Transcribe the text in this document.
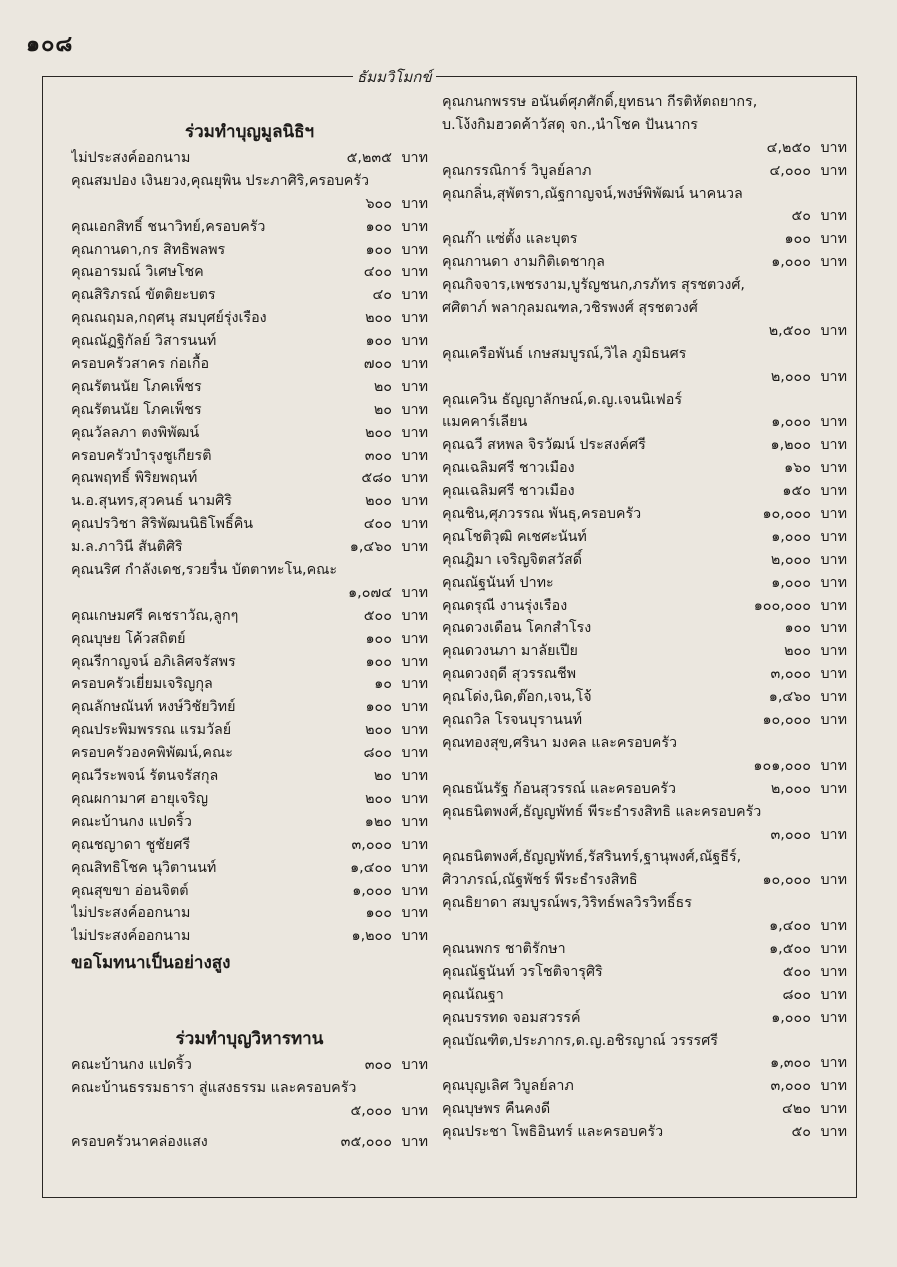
๑๐๘
ธัมมวิโมกข์
ร่วมทำบุญมูลนิธิฯ
ไม่ประสงค์ออกนาม	๕,๒๓๕ บาท
คุณสมปอง เงินยวง,คุณยุพิน ประภาศิริ,ครอบครัว
๖๐๐ บาท
คุณเอกสิทธิ์ ชนาวิทย์,ครอบครัว	๑๐๐ บาท
คุณกานดา,กร สิทธิพลพร	๑๐๐ บาท
คุณอารมณ์ วิเศษโชค	๔๐๐ บาท
คุณสิริภรณ์ ขัตติยะบตร	๔๐ บาท
คุณณฤมล,กฤศนุ สมบุศย์รุ่งเรือง	๒๐๐ บาท
คุณณัฏฐิกัลย์ วิสารนนท์	๑๐๐ บาท
ครอบครัวสาคร ก่อเกื้อ	๗๐๐ บาท
คุณรัตนนัย โภคเพ็ชร	๒๐ บาท
คุณรัตนนัย โภคเพ็ชร	๒๐ บาท
คุณวัลลภา ตงพิพัฒน์	๒๐๐ บาท
ครอบครัวบำรุงชูเกียรติ	๓๐๐ บาท
คุณพฤทธิ์ พิริยพฤนท์	๕๘๐ บาท
น.อ.สุนทร,สุวคนธ์ นามศิริ	๒๐๐ บาท
คุณปรวิชา สิริพัฒนนิธิโพธิ์คิน	๔๐๐ บาท
ม.ล.ภาวินี สันติศิริ	๑,๔๖๐ บาท
คุณนริศ กำลังเดช,รวยรื่น บัตตาทะโน,คณะ
๑,๐๗๔ บาท
คุณเกษมศรี คเชราวัณ,ลูกๆ	๕๐๐ บาท
คุณบุษย โค้วสถิตย์	๑๐๐ บาท
คุณรีกาญจน์ อภิเลิศจรัสพร	๑๐๐ บาท
ครอบครัวเยี่ยมเจริญกุล	๑๐ บาท
คุณลักษณันท์ หงษ์วิชัยวิทย์	๑๐๐ บาท
คุณประพิมพรรณ แรมวัลย์	๒๐๐ บาท
ครอบครัวองคพิพัฒน์,คณะ	๘๐๐ บาท
คุณวีระพจน์ รัตนจรัสกุล	๒๐ บาท
คุณผกามาศ อายุเจริญ	๒๐๐ บาท
คณะบ้านกง แปดริ้ว	๑๒๐ บาท
คุณชญาดา ชูชัยศรี	๓,๐๐๐ บาท
คุณสิทธิโชค นุวิตานนท์	๑,๔๐๐ บาท
คุณสุขขา อ่อนจิตต์	๑,๐๐๐ บาท
ไม่ประสงค์ออกนาม	๑๐๐ บาท
ไม่ประสงค์ออกนาม	๑,๒๐๐ บาท
ขอโมทนาเป็นอย่างสูง
ร่วมทำบุญวิหารทาน
คณะบ้านกง แปดริ้ว	๓๐๐ บาท
คณะบ้านธรรมธารา สู่แสงธรรม และครอบครัว
๕,๐๐๐ บาท
ครอบครัวนาคล่องแสง	๓๕,๐๐๐ บาท
คุณกนกพรรษ อนันต์ศุภศักดิ์,ยุทธนา กีรติหัตถยากร,
บ.โง้งกิมฮวดค้าวัสดุ จก.,นำโชค ปันนากร
๔,๒๕๐ บาท
คุณกรรณิการ์ วิบูลย์ลาภ	๔,๐๐๐ บาท
คุณกลิ่น,สุพัตรา,ณัฐกาญจน์,พงษ์พิพัฒน์ นาคนวล
๕๐ บาท
คุณก๊า แซ่ตั้ง และบุตร	๑๐๐ บาท
คุณกานดา งามกิติเดชากุล	๑,๐๐๐ บาท
คุณกิจจาร,เพชรงาม,บูรัญชนก,ภรภัทร สุรชตวงศ์,
ศศิตาภ์ พลากุลมณฑล,วชิรพงศ์ สุรชตวงศ์
๒,๕๐๐ บาท
คุณเครือพันธ์ เกษสมบูรณ์,วิไล ภูมิธนศร
๒,๐๐๐ บาท
คุณเควิน ธัญญาลักษณ์,ด.ญ.เจนนิเฟอร์
แมคคาร์เลียน	๑,๐๐๐ บาท
คุณฉวี สหพล จิรวัฒน์ ประสงค์ศรี	๑,๒๐๐ บาท
คุณเฉลิมศรี ชาวเมือง	๑๖๐ บาท
คุณเฉลิมศรี ชาวเมือง	๑๕๐ บาท
คุณชิน,ศุภวรรณ พันธุ,ครอบครัว	๑๐,๐๐๐ บาท
คุณโชติวุฒิ คเชศะนันท์	๑,๐๐๐ บาท
คุณฎิมา เจริญจิตสวัสดิ์	๒,๐๐๐ บาท
คุณณัฐนันท์ ปาทะ	๑,๐๐๐ บาท
คุณดรุณี งานรุ่งเรือง	๑๐๐,๐๐๐ บาท
คุณดวงเดือน โคกสำโรง	๑๐๐ บาท
คุณดวงนภา มาลัยเปีย	๒๐๐ บาท
คุณดวงฤดี สุวรรณชีพ	๓,๐๐๐ บาท
คุณโด่ง,นิด,ต๊อก,เจน,โจ้	๑,๔๖๐ บาท
คุณถวิล โรจนบุรานนท์	๑๐,๐๐๐ บาท
คุณทองสุข,ศรินา มงคล และครอบครัว
๑๐๑,๐๐๐ บาท
คุณธนันรัฐ ก้อนสุวรรณ์ และครอบครัว	๒,๐๐๐ บาท
คุณธนิตพงศ์,ธัญญพัทธ์ พีระธำรงสิทธิ และครอบครัว
๓,๐๐๐ บาท
คุณธนิตพงศ์,ธัญญพัทธ์,รัสรินทร์,ฐานุพงศ์,ณัฐธีร์,
ศิวาภรณ์,ณัฐพัชร์ พีระธำรงสิทธิ	๑๐,๐๐๐ บาท
คุณธิยาดา สมบูรณ์พร,วิริทธ์พลวิรวิทธิ์ธร
๑,๔๐๐ บาท
คุณนพกร ชาติรักษา	๑,๕๐๐ บาท
คุณณัฐนันท์ วรโชติจารุศิริ	๕๐๐ บาท
คุณนัณฐา	๘๐๐ บาท
คุณบรรทด จอมสวรรค์	๑,๐๐๐ บาท
คุณบัณฑิต,ประภากร,ด.ญ.อชิรญาณ์ วรรรศรี
๑,๓๐๐ บาท
คุณบุญเลิศ วิบูลย์ลาภ	๓,๐๐๐ บาท
คุณบุษพร คืนคงดี	๔๒๐ บาท
คุณประชา โพธิอินทร์ และครอบครัว	๕๐ บาท
